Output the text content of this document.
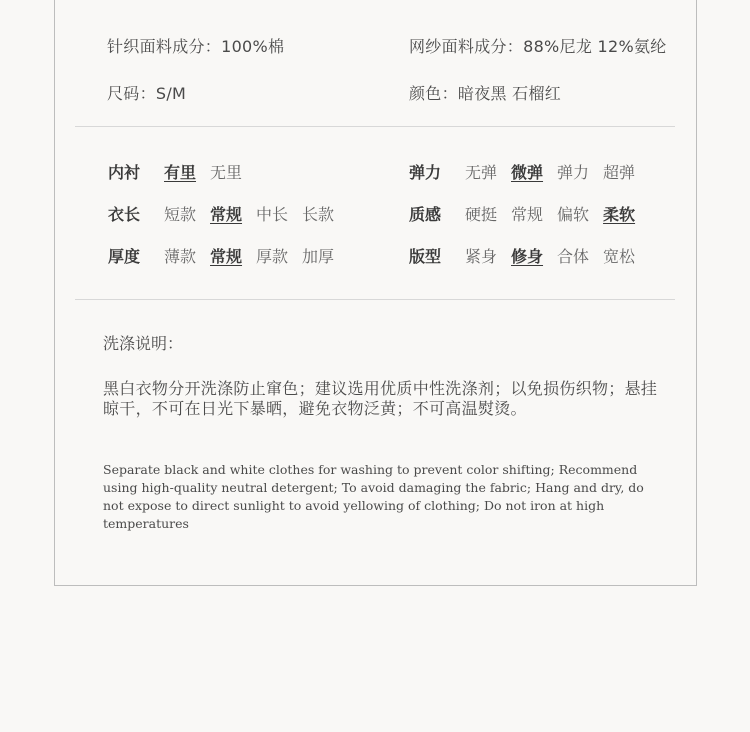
针织面料成分：100%棉	网纱面料成分：88%尼龙 12%氨纶
尺码：S/M	颜色：暗夜黑 石榴红
内衬	有里 无里
衣长	短款 常规 中长 长款
厚度	薄款 常规 厚款 加厚
弹力	无弹 微弹 弹力 超弹
质感	硬挺 常规 偏软 柔软
版型	紧身 修身 合体 宽松
洗涤说明：
黑白衣物分开洗涤防止窜色；建议选用优质中性洗涤剂；以免损伤织物；悬挂晾干，不可在日光下暴晒，避免衣物泛黄；不可高温熨烫。
Separate black and white clothes for washing to prevent color shifting; Recommend using high-quality neutral detergent; To avoid damaging the fabric; Hang and dry, do not expose to direct sunlight to avoid yellowing of clothing; Do not iron at high temperatures
